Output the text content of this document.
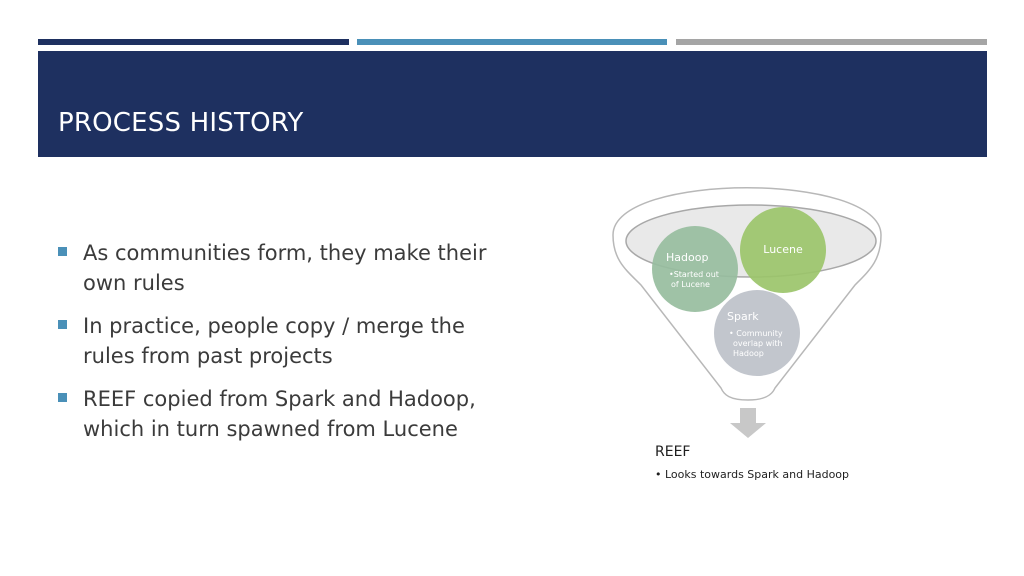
PROCESS HISTORY
As communities form, they make their own rules
In practice, people copy / merge the rules from past projects
REEF copied from Spark and Hadoop, which in turn spawned from Lucene
Lucene
Hadoop
•Started out
of Lucene
Spark
• Community
overlap with
Hadoop
REEF
• Looks towards Spark and Hadoop
